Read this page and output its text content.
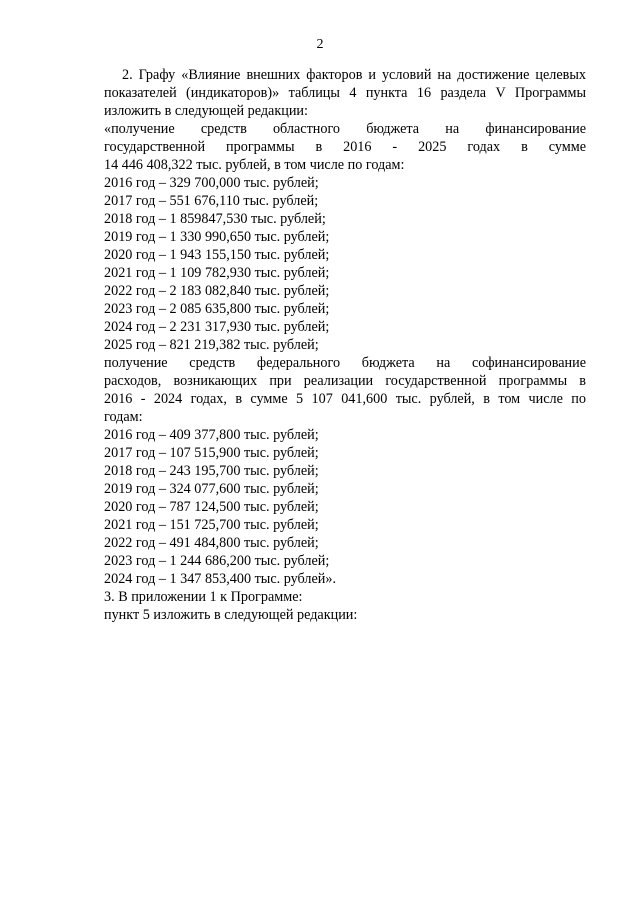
2

2. Графу «Влияние внешних факторов и условий на достижение целевых

показателей (индикаторов)» таблицы 4 пункта 16 раздела V Программы

изложить в следующей редакции:

«получение средств областного бюджета на финансирование

государственной программы в 2016 - 2025 годах в сумме

14 446 408,322 тыс. рублей, в том числе по годам:

2016 год – 329 700,000 тыс. рублей;

2017 год – 551 676,110 тыс. рублей;

2018 год – 1 859847,530 тыс. рублей;

2019 год – 1 330 990,650 тыс. рублей;

2020 год – 1 943 155,150 тыс. рублей;

2021 год – 1 109 782,930 тыс. рублей;

2022 год – 2 183 082,840 тыс. рублей;

2023 год – 2 085 635,800 тыс. рублей;

2024 год – 2 231 317,930 тыс. рублей;

2025 год – 821 219,382 тыс. рублей;

получение средств федерального бюджета на софинансирование

расходов, возникающих при реализации государственной программы в

2016 - 2024 годах, в сумме 5 107 041,600 тыс. рублей, в том числе по

годам:

2016 год – 409 377,800 тыс. рублей;

2017 год – 107 515,900 тыс. рублей;

2018 год – 243 195,700 тыс. рублей;

2019 год – 324 077,600 тыс. рублей;

2020 год – 787 124,500 тыс. рублей;

2021 год – 151 725,700 тыс. рублей;

2022 год – 491 484,800 тыс. рублей;

2023 год – 1 244 686,200 тыс. рублей;

2024 год – 1 347 853,400 тыс. рублей».

3. В приложении 1 к Программе:

пункт 5 изложить в следующей редакции:
